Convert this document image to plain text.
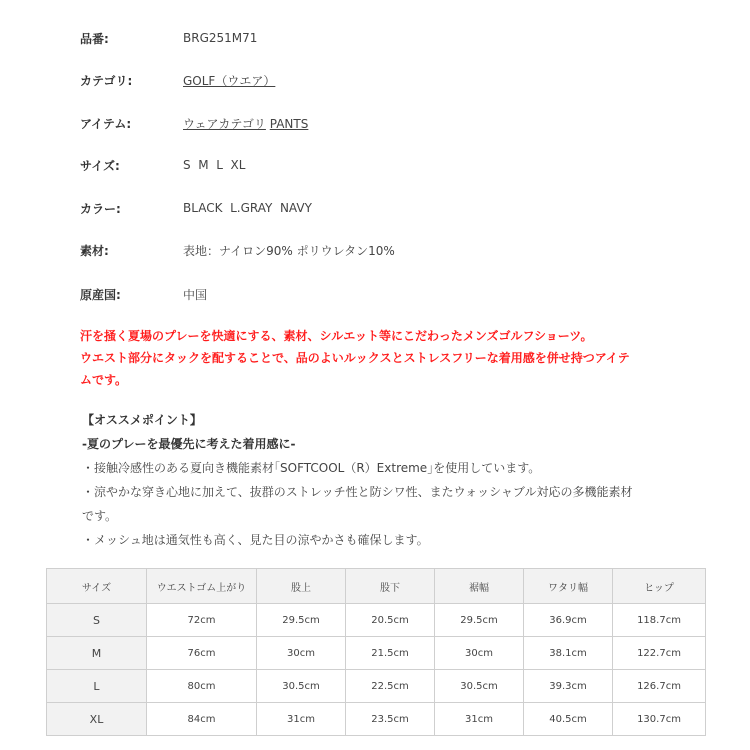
品番:	BRG251M71
カテゴリ:	GOLF（ウエア）
アイテム:	ウェアカテゴリ PANTS
サイズ:	S  M  L  XL
カラー:	BLACK  L.GRAY  NAVY
素材:	表地：ナイロン90% ポリウレタン10%
原産国:	中国
汗を掻く夏場のプレーを快適にする、素材、シルエット等にこだわったメンズゴルフショーツ。
ウエスト部分にタックを配することで、品のよいルックスとストレスフリーな着用感を併せ持つアイテ
ムです。
【オススメポイント】
-夏のプレーを最優先に考えた着用感に-
・接触冷感性のある夏向き機能素材｢SOFTCOOL（R）Extreme｣を使用しています。
・涼やかな穿き心地に加えて、抜群のストレッチ性と防シワ性、またウォッシャブル対応の多機能素材
です。
・メッシュ地は通気性も高く、見た目の涼やかさも確保します。
サイズ	ウエストゴム上がり	股上	股下	裾幅	ワタリ幅	ヒップ
S	72cm	29.5cm	20.5cm	29.5cm	36.9cm	118.7cm
M	76cm	30cm	21.5cm	30cm	38.1cm	122.7cm
L	80cm	30.5cm	22.5cm	30.5cm	39.3cm	126.7cm
XL	84cm	31cm	23.5cm	31cm	40.5cm	130.7cm
